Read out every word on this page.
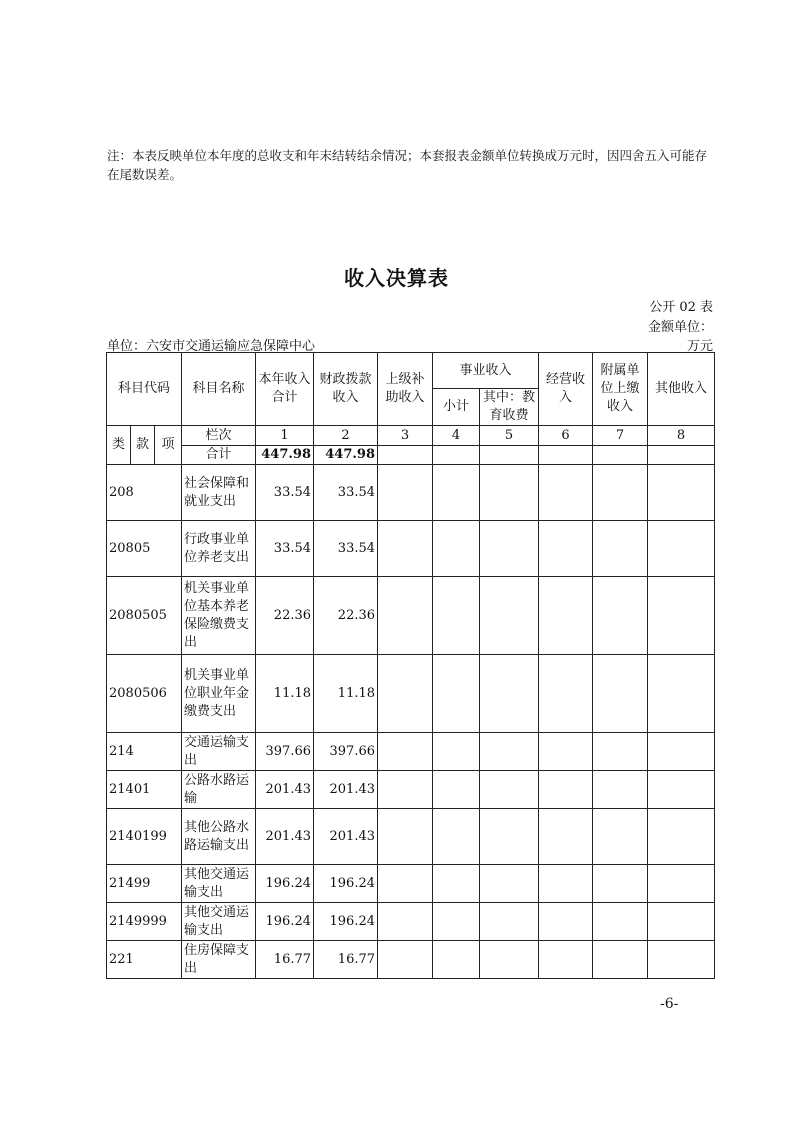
注：本表反映单位本年度的总收支和年末结转结余情况；本套报表金额单位转换成万元时，因四舍五入可能存在尾数误差。

收入决算表
公开 02 表
金额单位：
单位：六安市交通运输应急保障中心	万元
科目代码			科目名称	本年收入合计	财政拨款收入	上级补助收入	事业收入		经营收入	附属单位上缴收入	其他收入
							小计	其中：教育收费			
类	款	项	栏次	1	2	3	4	5	6	7	8
			合计	447.98	447.98						
208			社会保障和就业支出	33.54	33.54						
20805			行政事业单位养老支出	33.54	33.54						
2080505			机关事业单位基本养老保险缴费支出	22.36	22.36						
2080506			机关事业单位职业年金缴费支出	11.18	11.18						
214			交通运输支出	397.66	397.66						
21401			公路水路运输	201.43	201.43						
2140199			其他公路水路运输支出	201.43	201.43						
21499			其他交通运输支出	196.24	196.24						
2149999			其他交通运输支出	196.24	196.24						
221			住房保障支出	16.77	16.77						
-6-
